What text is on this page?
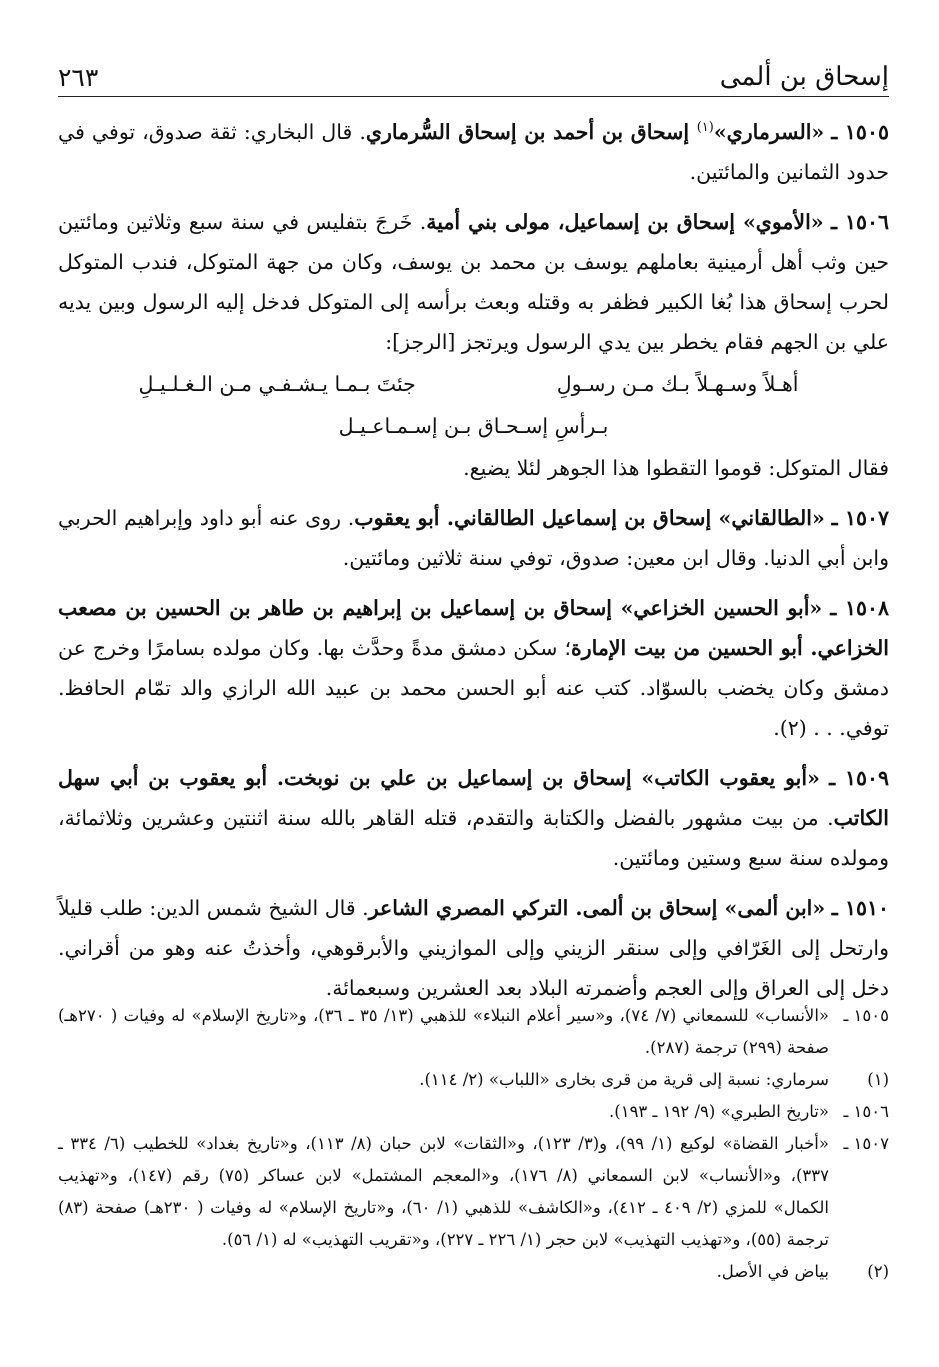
إسحاق بن ألمى
٢٦٣

١٥٠٥ ـ «السرماري»$^{(١)}$ إسحاق بن أحمد بن إسحاق السُّرماري. قال البخاري: ثقة صدوق، توفي في حدود الثمانين والمائتين.

١٥٠٦ ـ «الأموي» إسحاق بن إسماعيل، مولى بني أمية. خَرجَ بتفليس في سنة سبع وثلاثين ومائتين حين وثب أهل أرمينية بعاملهم يوسف بن محمد بن يوسف، وكان من جهة المتوكل، فندب المتوكل لحرب إسحاق هذا بُغا الكبير فظفر به وقتله وبعث برأسه إلى المتوكل فدخل إليه الرسول وبين يديه علي بن الجهم فقام يخطر بين يدي الرسول ويرتجز [الرجز]:
أهـلاً وسـهـلاً بـك مـن رسـولِ
جئتَ بـمـا يـشـفـي مـن الـغـلـيـلِ
بـرأسِ إسـحـاق بـن إسـمـاعـيـل
فقال المتوكل: قوموا التقطوا هذا الجوهر لئلا يضيع.

١٥٠٧ ـ «الطالقاني» إسحاق بن إسماعيل الطالقاني. أبو يعقوب. روى عنه أبو داود وإبراهيم الحربي وابن أبي الدنيا. وقال ابن معين: صدوق، توفي سنة ثلاثين ومائتين.

١٥٠٨ ـ «أبو الحسين الخزاعي» إسحاق بن إسماعيل بن إبراهيم بن طاهر بن الحسين بن مصعب الخزاعي. أبو الحسين من بيت الإمارة؛ سكن دمشق مدةً وحدَّث بها. وكان مولده بسامرًا وخرج عن دمشق وكان يخضب بالسوّاد. كتب عنه أبو الحسن محمد بن عبيد الله الرازي والد تمّام الحافظ. توفي. . . (٢).

١٥٠٩ ـ «أبو يعقوب الكاتب» إسحاق بن إسماعيل بن علي بن نوبخت. أبو يعقوب بن أبي سهل الكاتب. من بيت مشهور بالفضل والكتابة والتقدم، قتله القاهر بالله سنة اثنتين وعشرين وثلاثمائة، ومولده سنة سبع وستين ومائتين.

١٥١٠ ـ «ابن ألمى» إسحاق بن ألمى. التركي المصري الشاعر. قال الشيخ شمس الدين: طلب قليلاً وارتحل إلى الغَرّافي وإلى سنقر الزيني وإلى الموازيني والأبرقوهي، وأخذتُ عنه وهو من أقراني. دخل إلى العراق وإلى العجم وأضمرته البلاد بعد العشرين وسبعمائة.

١٥٠٥ ـ
«الأنساب» للسمعاني (٧/ ٧٤)، و«سير أعلام النبلاء» للذهبي (١٣/ ٣٥ ـ ٣٦)، و«تاريخ الإسلام» له وفيات ( ٢٧٠هـ) صفحة (٢٩٩) ترجمة (٢٨٧).
(١)
سرماري: نسبة إلى قرية من قرى بخارى «اللباب» (٢/ ١١٤).
١٥٠٦ ـ
«تاريخ الطبري» (٩/ ١٩٢ ـ ١٩٣).
١٥٠٧ ـ
«أخبار القضاة» لوكيع (١/ ٩٩)، و(٣/ ١٢٣)، و«الثقات» لابن حبان (٨/ ١١٣)، و«تاريخ بغداد» للخطيب (٦/ ٣٣٤ ـ ٣٣٧)، و«الأنساب» لابن السمعاني (٨/ ١٧٦)، و«المعجم المشتمل» لابن عساكر (٧٥) رقم (١٤٧)، و«تهذيب الكمال» للمزي (٢/ ٤٠٩ ـ ٤١٢)، و«الكاشف» للذهبي (١/ ٦٠)، و«تاريخ الإسلام» له وفيات ( ٢٣٠هـ) صفحة (٨٣) ترجمة (٥٥)، و«تهذيب التهذيب» لابن حجر (١/ ٢٢٦ ـ ٢٢٧)، و«تقريب التهذيب» له (١/ ٥٦).
(٢)
بياض في الأصل.
